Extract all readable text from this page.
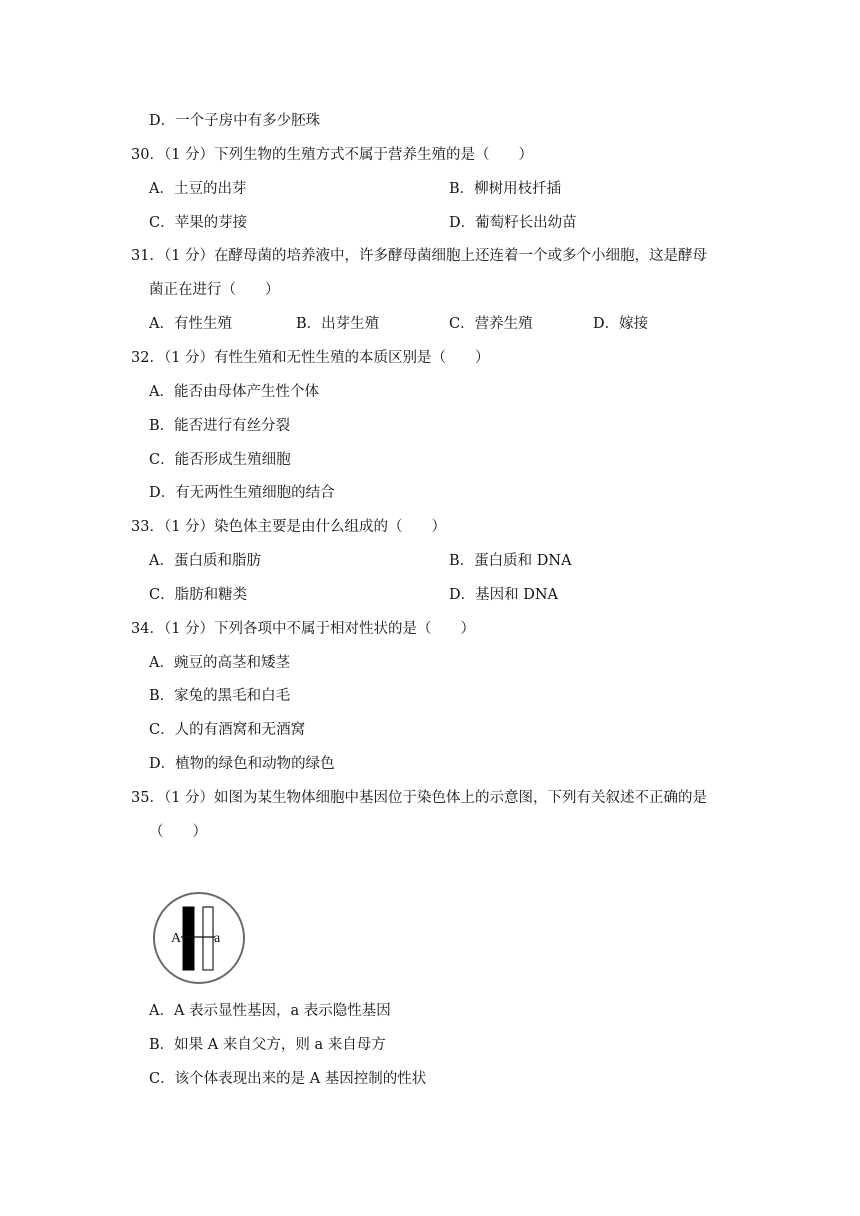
D．一个子房中有多少胚珠
30．（1 分）下列生物的生殖方式不属于营养生殖的是（　　）
A．土豆的出芽	B．柳树用枝扦插
C．苹果的芽接	D．葡萄籽长出幼苗
31．（1 分）在酵母菌的培养液中，许多酵母菌细胞上还连着一个或多个小细胞，这是酵母
菌正在进行（　　）
A．有性生殖	B．出芽生殖	C．营养生殖	D．嫁接
32．（1 分）有性生殖和无性生殖的本质区别是（　　）
A．能否由母体产生性个体
B．能否进行有丝分裂
C．能否形成生殖细胞
D．有无两性生殖细胞的结合
33．（1 分）染色体主要是由什么组成的（　　）
A．蛋白质和脂肪	B．蛋白质和 DNA
C．脂肪和糖类	D．基因和 DNA
34．（1 分）下列各项中不属于相对性状的是（　　）
A．豌豆的高茎和矮茎
B．家兔的黑毛和白毛
C．人的有酒窝和无酒窝
D．植物的绿色和动物的绿色
35．（1 分）如图为某生物体细胞中基因位于染色体上的示意图，下列有关叙述不正确的是
（　　）
A a
A．A 表示显性基因，a 表示隐性基因
B．如果 A 来自父方，则 a 来自母方
C．该个体表现出来的是 A 基因控制的性状
